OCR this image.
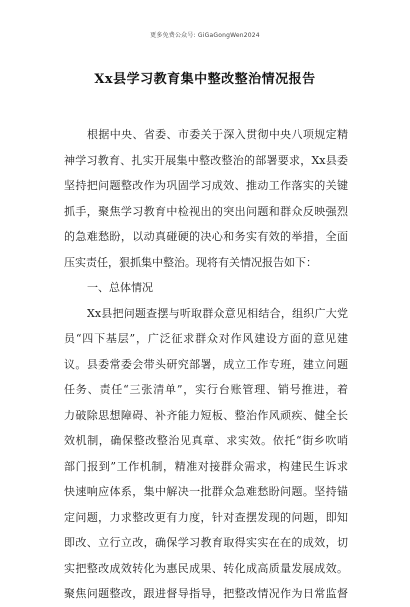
更多免费公众号: GiGaGongWen2024
Xx县学习教育集中整改整治情况报告
根据中央、省委、市委关于深入贯彻中央八项规定精
神学习教育、扎实开展集中整改整治的部署要求，Xx县委
坚持把问题整改作为巩固学习成效、推动工作落实的关键
抓手，聚焦学习教育中检视出的突出问题和群众反映强烈
的急难愁盼，以动真碰硬的决心和务实有效的举措，全面
压实责任，狠抓集中整治。现将有关情况报告如下：
一、总体情况
Xx县把问题查摆与听取群众意见相结合，组织广大党
员“四下基层”，广泛征求群众对作风建设方面的意见建
议。县委常委会带头研究部署，成立工作专班，建立问题
任务、责任“三张清单”，实行台账管理、销号推进，着
力破除思想障碍、补齐能力短板、整治作风顽疾、健全长
效机制，确保整改整治见真章、求实效。依托“街乡吹哨
部门报到”工作机制，精准对接群众需求，构建民生诉求
快速响应体系，集中解决一批群众急难愁盼问题。坚持锚
定问题，力求整改更有力度，针对查摆发现的问题，即知
即改、立行立改，确保学习教育取得实实在在的成效，切
实把整改成效转化为惠民成果、转化成高质量发展成效。
聚焦问题整改，跟进督导指导，把整改情况作为日常监督
